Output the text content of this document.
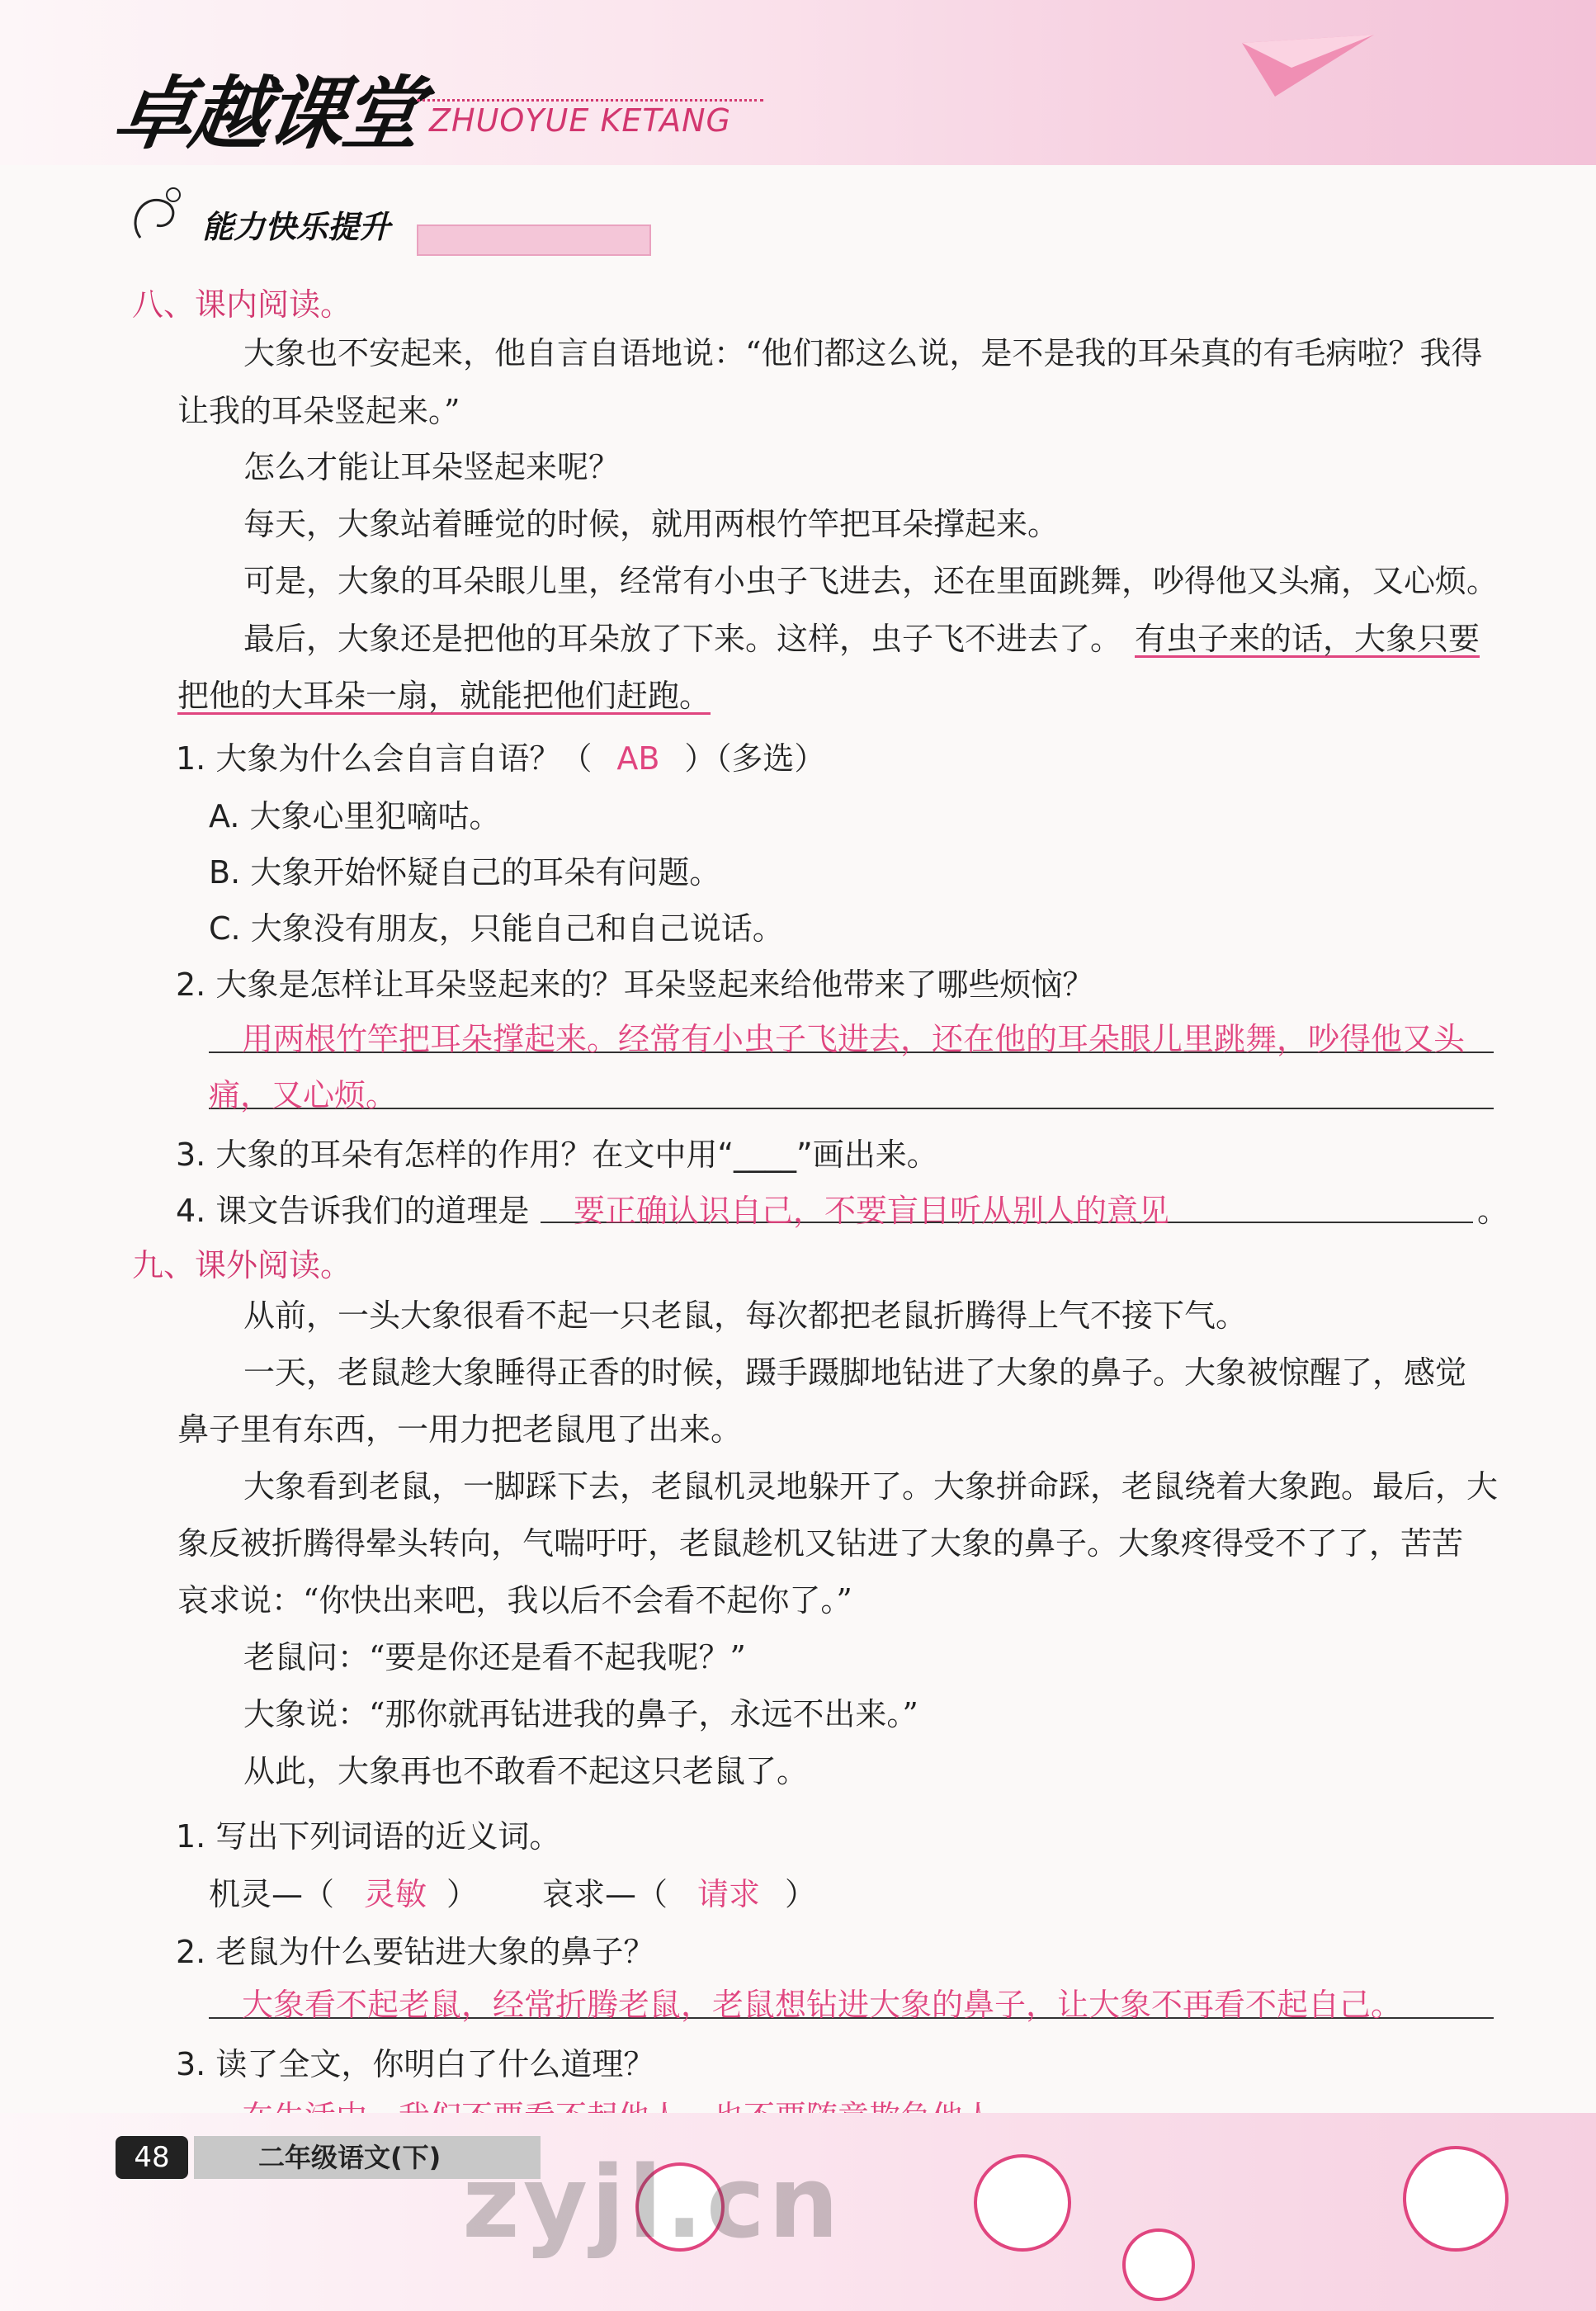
卓越课堂 ZHUOYUE KETANG
能力快乐提升
八、课内阅读。
大象也不安起来，他自言自语地说：“他们都这么说，是不是我的耳朵真的有毛病啦？我得
让我的耳朵竖起来。”
怎么才能让耳朵竖起来呢？
每天，大象站着睡觉的时候，就用两根竹竿把耳朵撑起来。
可是，大象的耳朵眼儿里，经常有小虫子飞进去，还在里面跳舞，吵得他又头痛，又心烦。
最后，大象还是把他的耳朵放了下来。这样，虫子飞不进去了。 有虫子来的话，大象只要
把他的大耳朵一扇，就能把他们赶跑。
1. 大象为什么会自言自语？（ AB ）（多选）
A. 大象心里犯嘀咕。
B. 大象开始怀疑自己的耳朵有问题。
C. 大象没有朋友，只能自己和自己说话。
2. 大象是怎样让耳朵竖起来的？耳朵竖起来给他带来了哪些烦恼？
用两根竹竿把耳朵撑起来。经常有小虫子飞进去，还在他的耳朵眼儿里跳舞，吵得他又头
痛，又心烦。
3. 大象的耳朵有怎样的作用？在文中用“____”画出来。
4. 课文告诉我们的道理是 要正确认识自己，不要盲目听从别人的意见	。
九、课外阅读。
从前，一头大象很看不起一只老鼠，每次都把老鼠折腾得上气不接下气。
一天，老鼠趁大象睡得正香的时候，蹑手蹑脚地钻进了大象的鼻子。大象被惊醒了，感觉
鼻子里有东西，一用力把老鼠甩了出来。
大象看到老鼠，一脚踩下去，老鼠机灵地躲开了。大象拼命踩，老鼠绕着大象跑。最后，大
象反被折腾得晕头转向，气喘吁吁，老鼠趁机又钻进了大象的鼻子。大象疼得受不了了，苦苦
哀求说：“你快出来吧，我以后不会看不起你了。”
老鼠问：“要是你还是看不起我呢？”
大象说：“那你就再钻进我的鼻子，永远不出来。”
从此，大象再也不敢看不起这只老鼠了。
1. 写出下列词语的近义词。
机灵—（ 灵敏 ） 哀求—（ 请求 ）
2. 老鼠为什么要钻进大象的鼻子？
大象看不起老鼠，经常折腾老鼠，老鼠想钻进大象的鼻子，让大象不再看不起自己。
3. 读了全文，你明白了什么道理？
二年级语文(下)
48	zyjl.cn
